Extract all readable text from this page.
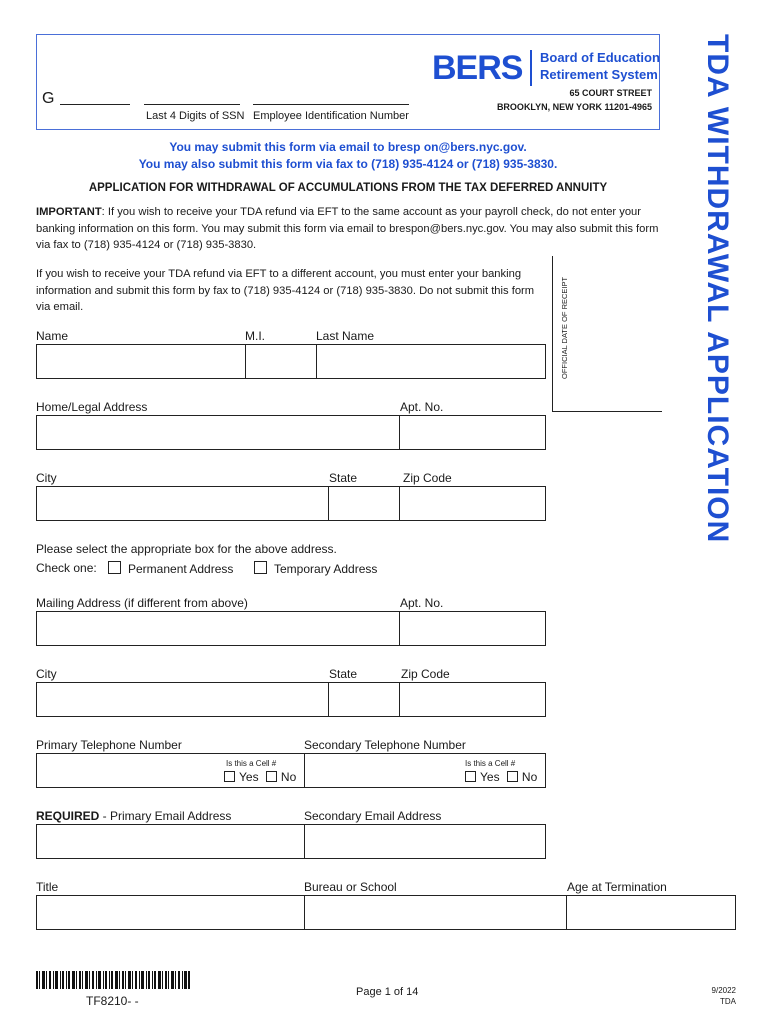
G
Last 4 Digits of SSN Employee Identification Number
BERS Board of Education
Retirement System
65 COURT STREET
BROOKLYN, NEW YORK 11201-4965 TDA WITHDRAWAL APPLICATION
You may submit this form via email to bresp on@bers.nyc.gov.
You may also submit this form via fax to (718) 935-4124 or (718) 935-3830.
APPLICATION FOR WITHDRAWAL OF ACCUMULATIONS FROM THE TAX DEFERRED ANNUITY
IMPORTANT: If you wish to receive your TDA refund via EFT to the same account as your payroll check, do not enter your banking information on this form. You may submit this form via email to brespon@bers.nyc.gov. You may also submit this form via fax to (718) 935-4124 or (718) 935-3830.
If you wish to receive your TDA refund via EFT to a different account, you must enter your banking information and submit this form by fax to (718) 935-4124 or (718) 935-3830. Do not submit this form via email.	OFFICIAL DATE OF RECEIPT
Name	M.I.	Last Name
Home/Legal Address	Apt. No.
City	State	Zip Code
Please select the appropriate box for the above address.
Check one:	Permanent Address	Temporary Address
Mailing Address (if different from above)	Apt. No.
City	State	Zip Code
Primary Telephone Number	Secondary Telephone Number
Is this a Cell #
Yes No
Is this a Cell #
Yes No
REQUIRED - Primary Email Address	Secondary Email Address
Title	Bureau or School	Age at Termination
TF8210- -
Page 1 of 14	9/2022
TDA
